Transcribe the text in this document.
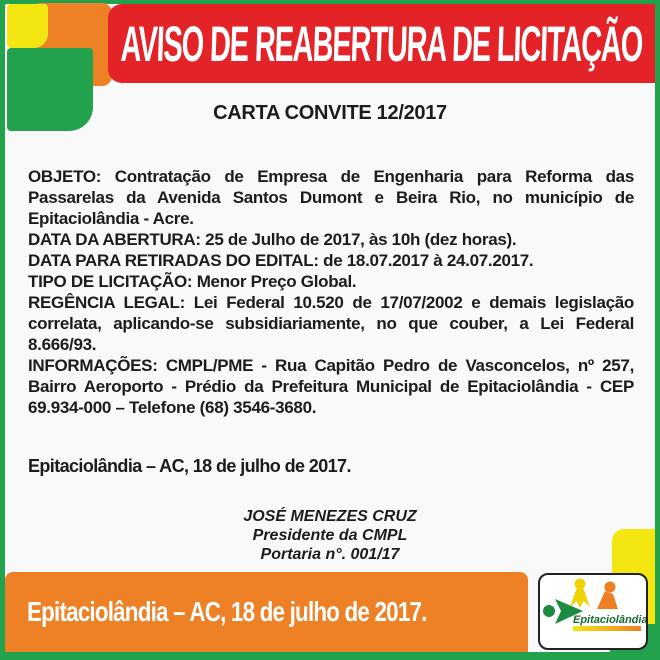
AVISO DE REABERTURA DE LICITAÇÃO
CARTA CONVITE 12/2017

OBJETO: Contratação de Empresa de Engenharia para Reforma das Passarelas da Avenida Santos Dumont e Beira Rio, no município de Epitaciolândia - Acre.

DATA DA ABERTURA: 25 de Julho de 2017, às 10h (dez horas).

DATA PARA RETIRADAS DO EDITAL: de 18.07.2017 à 24.07.2017.

TIPO DE LICITAÇÃO: Menor Preço Global.

REGÊNCIA LEGAL: Lei Federal 10.520 de 17/07/2002 e demais legislação correlata, aplicando-se subsidiariamente, no que couber, a Lei Federal 8.666/93.

INFORMAÇÕES: CMPL/PME - Rua Capitão Pedro de Vasconcelos, nº 257, Bairro Aeroporto - Prédio da Prefeitura Municipal de Epitaciolândia - CEP 69.934-000 – Telefone (68) 3546-3680.

Epitaciolândia – AC, 18 de julho de 2017.
JOSÉ MENEZES CRUZ
Presidente da CMPL
Portaria n°. 001/17
Epitaciolândia – AC, 18 de julho de 2017.	Epitaciolândia
